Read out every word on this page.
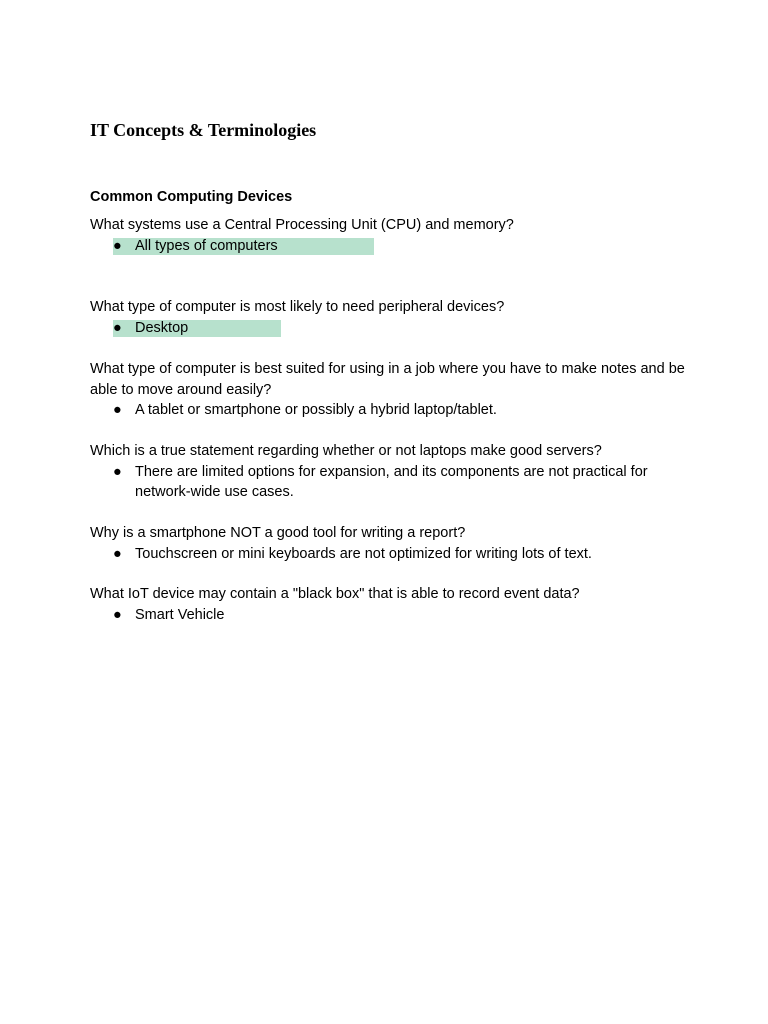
IT Concepts & Terminologies
Common Computing Devices

What systems use a Central Processing Unit (CPU) and memory?

● All types of computers

What type of computer is most likely to need peripheral devices?

● Desktop

What type of computer is best suited for using in a job where you have to make notes and be able to move around easily?

● A tablet or smartphone or possibly a hybrid laptop/tablet.

Which is a true statement regarding whether or not laptops make good servers?

● There are limited options for expansion, and its components are not practical for network-wide use cases.

Why is a smartphone NOT a good tool for writing a report?

● Touchscreen or mini keyboards are not optimized for writing lots of text.

What IoT device may contain a "black box" that is able to record event data?

● Smart Vehicle
